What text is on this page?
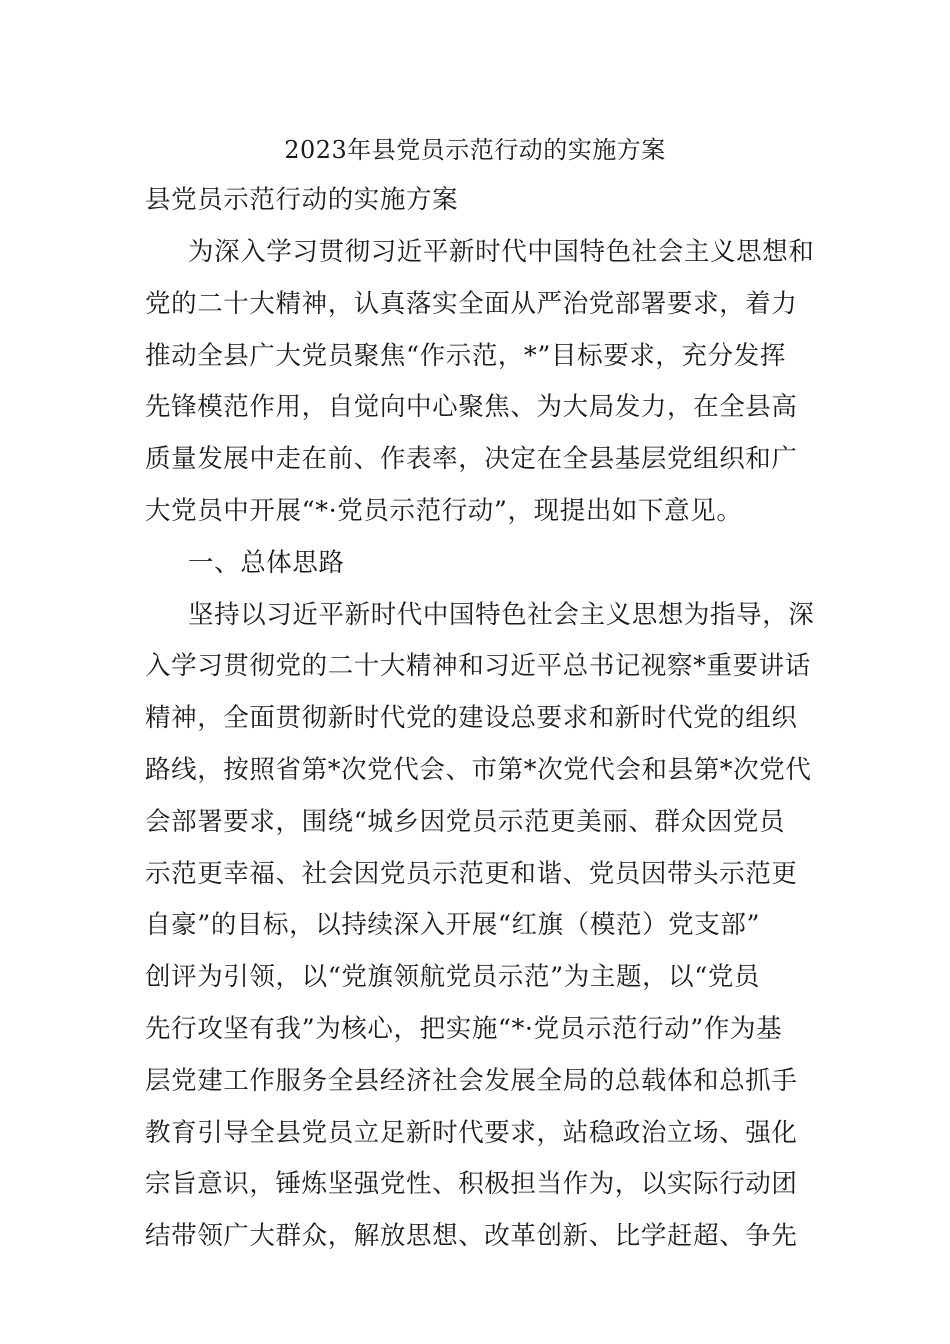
2023年县党员示范行动的实施方案
县党员示范行动的实施方案
为深入学习贯彻习近平新时代中国特色社会主义思想和
党的二十大精神，认真落实全面从严治党部署要求，着力
推动全县广大党员聚焦“作示范，*”目标要求，充分发挥
先锋模范作用，自觉向中心聚焦、为大局发力，在全县高
质量发展中走在前、作表率，决定在全县基层党组织和广
大党员中开展“*·党员示范行动”，现提出如下意见。
一、总体思路
坚持以习近平新时代中国特色社会主义思想为指导，深
入学习贯彻党的二十大精神和习近平总书记视察*重要讲话
精神，全面贯彻新时代党的建设总要求和新时代党的组织
路线，按照省第*次党代会、市第*次党代会和县第*次党代
会部署要求，围绕“城乡因党员示范更美丽、群众因党员
示范更幸福、社会因党员示范更和谐、党员因带头示范更
自豪”的目标，以持续深入开展“红旗（模范）党支部”
创评为引领，以“党旗领航党员示范”为主题，以“党员
先行攻坚有我”为核心，把实施“*·党员示范行动”作为基
层党建工作服务全县经济社会发展全局的总载体和总抓手
教育引导全县党员立足新时代要求，站稳政治立场、强化
宗旨意识，锤炼坚强党性、积极担当作为，以实际行动团
结带领广大群众，解放思想、改革创新、比学赶超、争先
